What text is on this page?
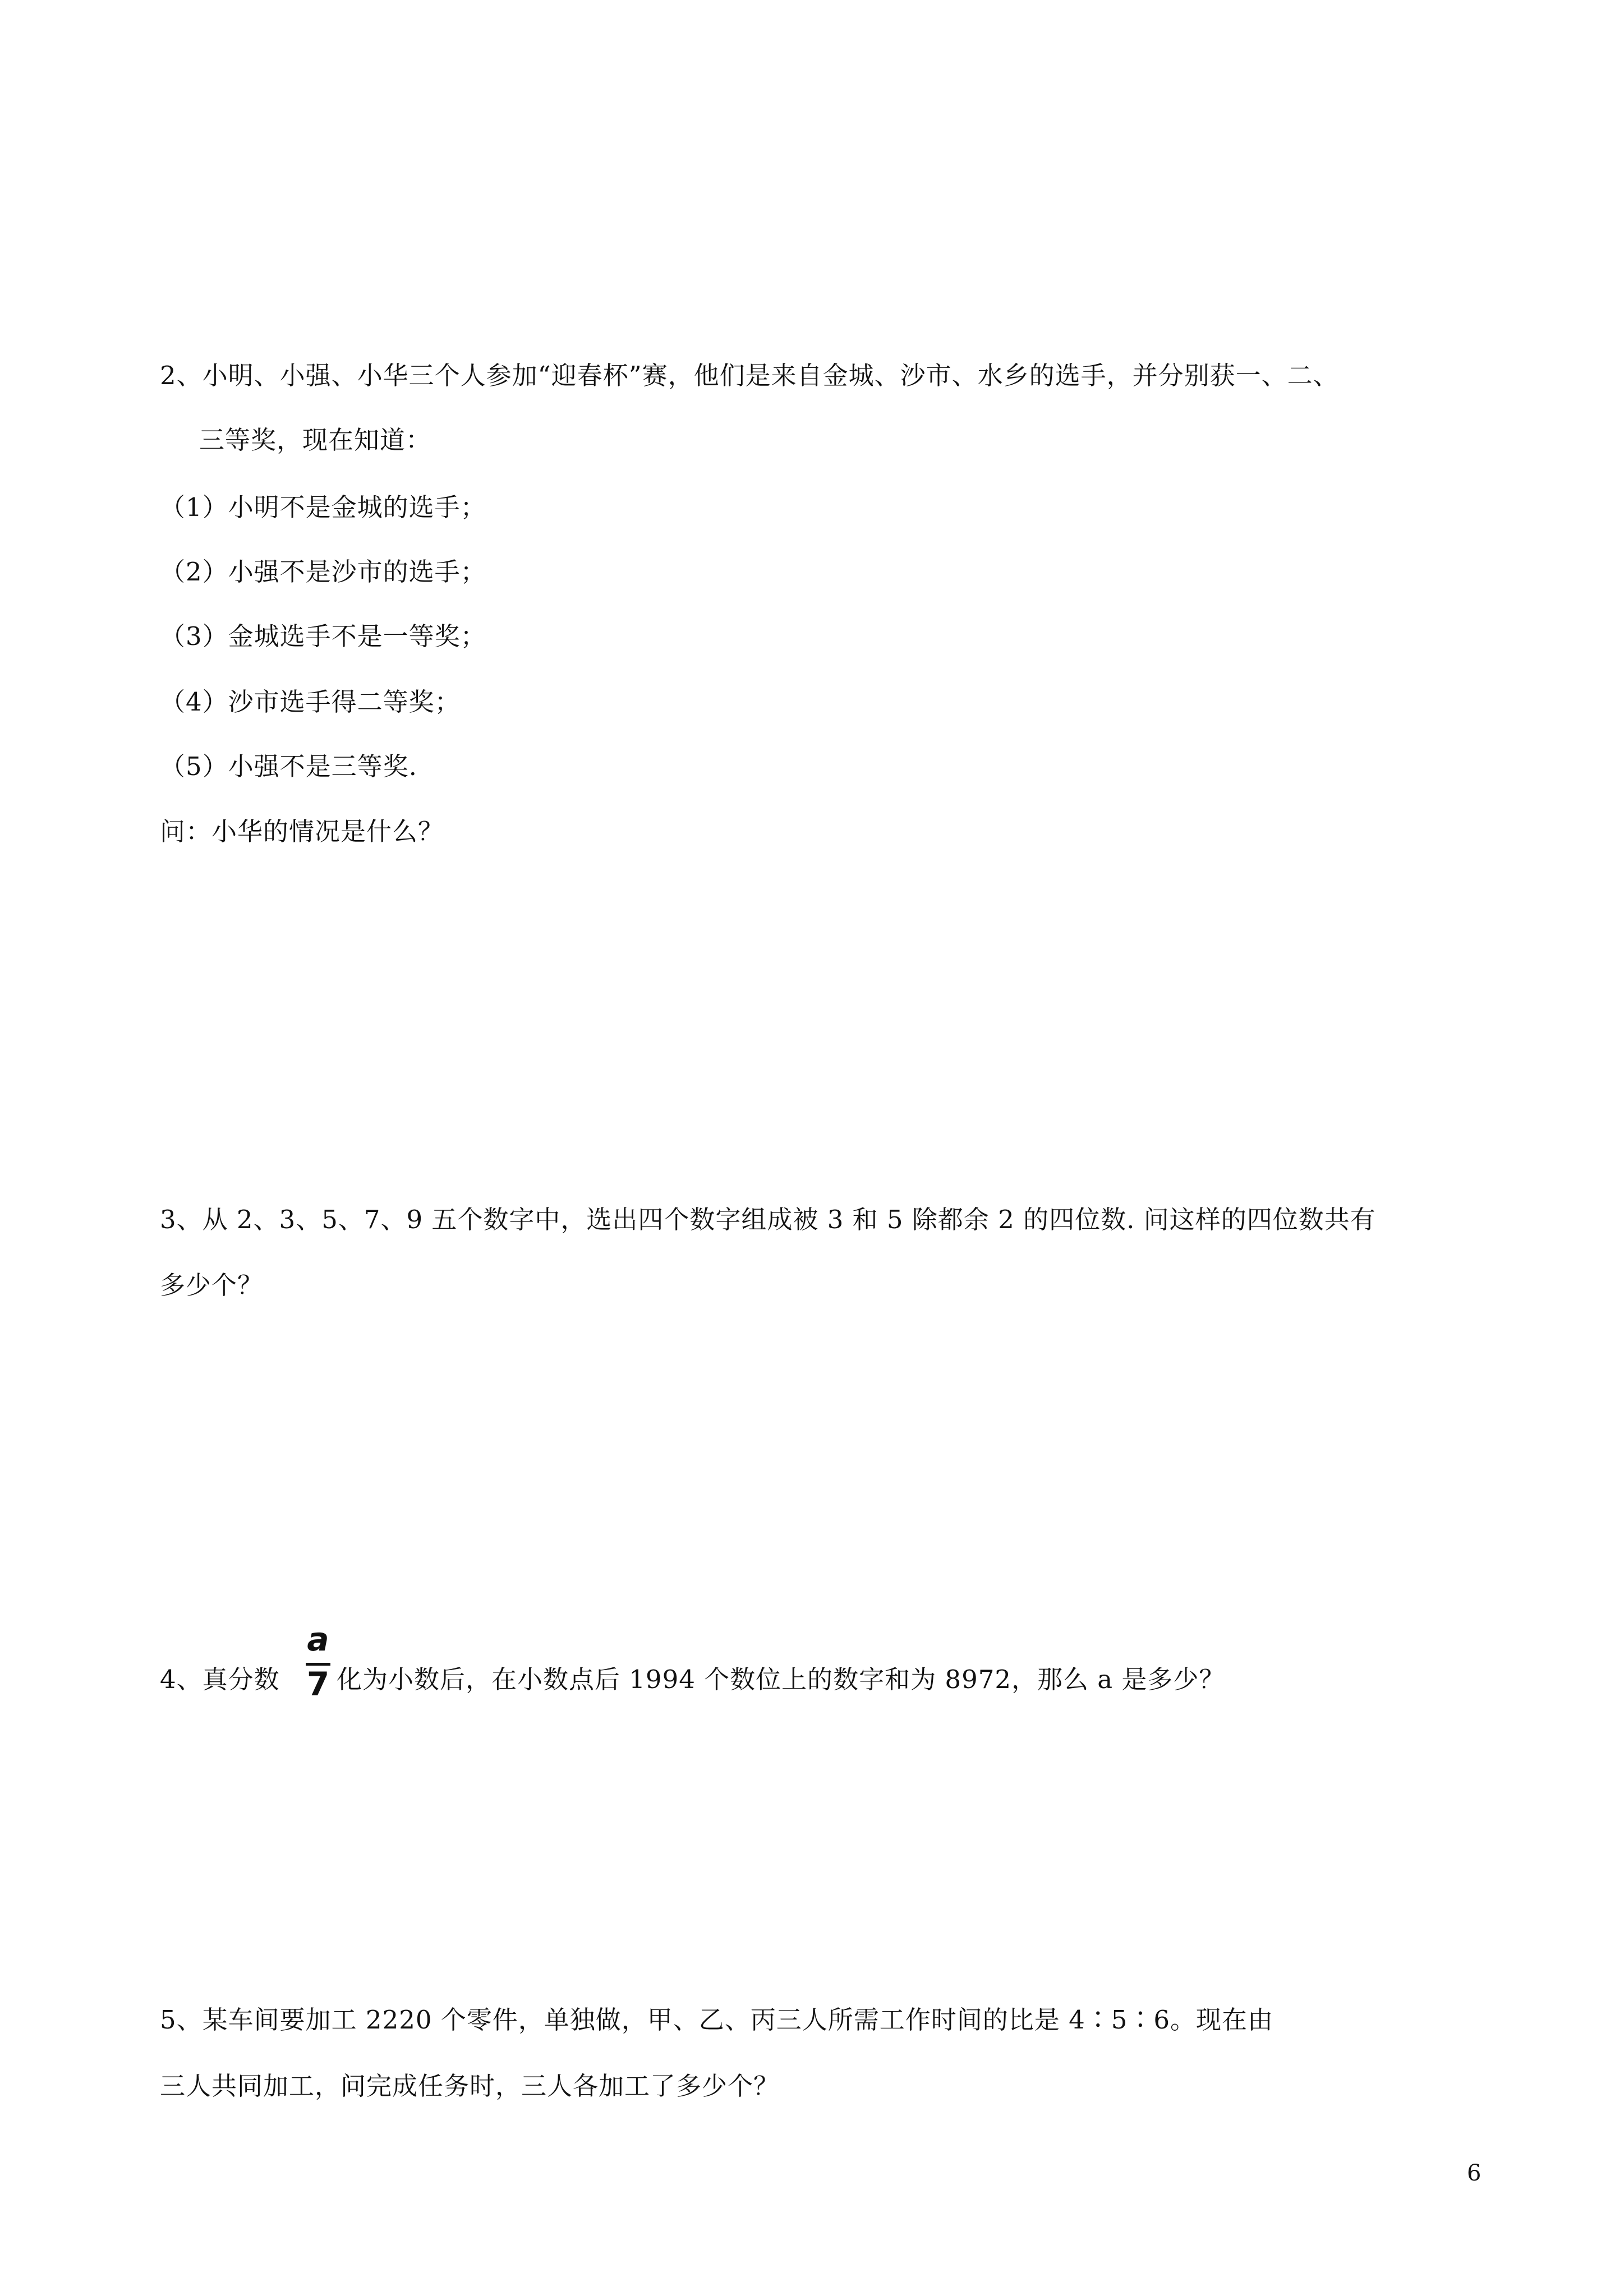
2、小明、小强、小华三个人参加“迎春杯”赛，他们是来自金城、沙市、水乡的选手，并分别获一、二、
三等奖，现在知道：
（1）小明不是金城的选手；
（2）小强不是沙市的选手；
（3）金城选手不是一等奖；
（4）沙市选手得二等奖；
（5）小强不是三等奖.
问：小华的情况是什么？
3、从 2、3、5、7、9 五个数字中，选出四个数字组成被 3 和 5 除都余 2 的四位数. 问这样的四位数共有
多少个？
4、真分数
a
7 化为小数后，在小数点后 1994 个数位上的数字和为 8972，那么 a 是多少？
5、某车间要加工 2220 个零件，单独做，甲、乙、丙三人所需工作时间的比是 4∶5∶6。现在由
三人共同加工，问完成任务时，三人各加工了多少个？
6
